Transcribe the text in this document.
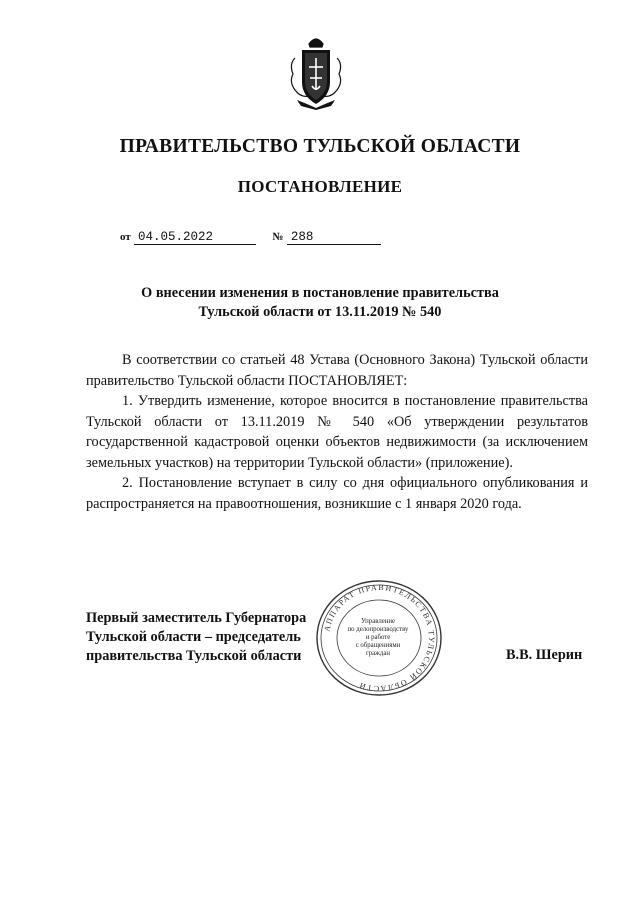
ПРАВИТЕЛЬСТВО ТУЛЬСКОЙ ОБЛАСТИ
ПОСТАНОВЛЕНИЕ
от 04.05.2022	№ 288
О внесении изменения в постановление правительства
Тульской области от 13.11.2019 № 540

В соответствии со статьей 48 Устава (Основного Закона) Тульской области правительство Тульской области ПОСТАНОВЛЯЕТ:

1. Утвердить изменение, которое вносится в постановление правительства Тульской области от 13.11.2019 № 540 «Об утверждении результатов государственной кадастровой оценки объектов недвижимости (за исключением земельных участков) на территории Тульской области» (приложение).

2. Постановление вступает в силу со дня официального опубликования и распространяется на правоотношения, возникшие с 1 января 2020 года.

Первый заместитель Губернатора
Тульской области – председатель
правительства Тульской области	В.В. Шерин
АППАРАТ ПРАВИТЕЛЬСТВА ТУЛЬСКОЙ ОБЛАСТИ
Управление
по делопроизводству
и работе
с обращениями
граждан
